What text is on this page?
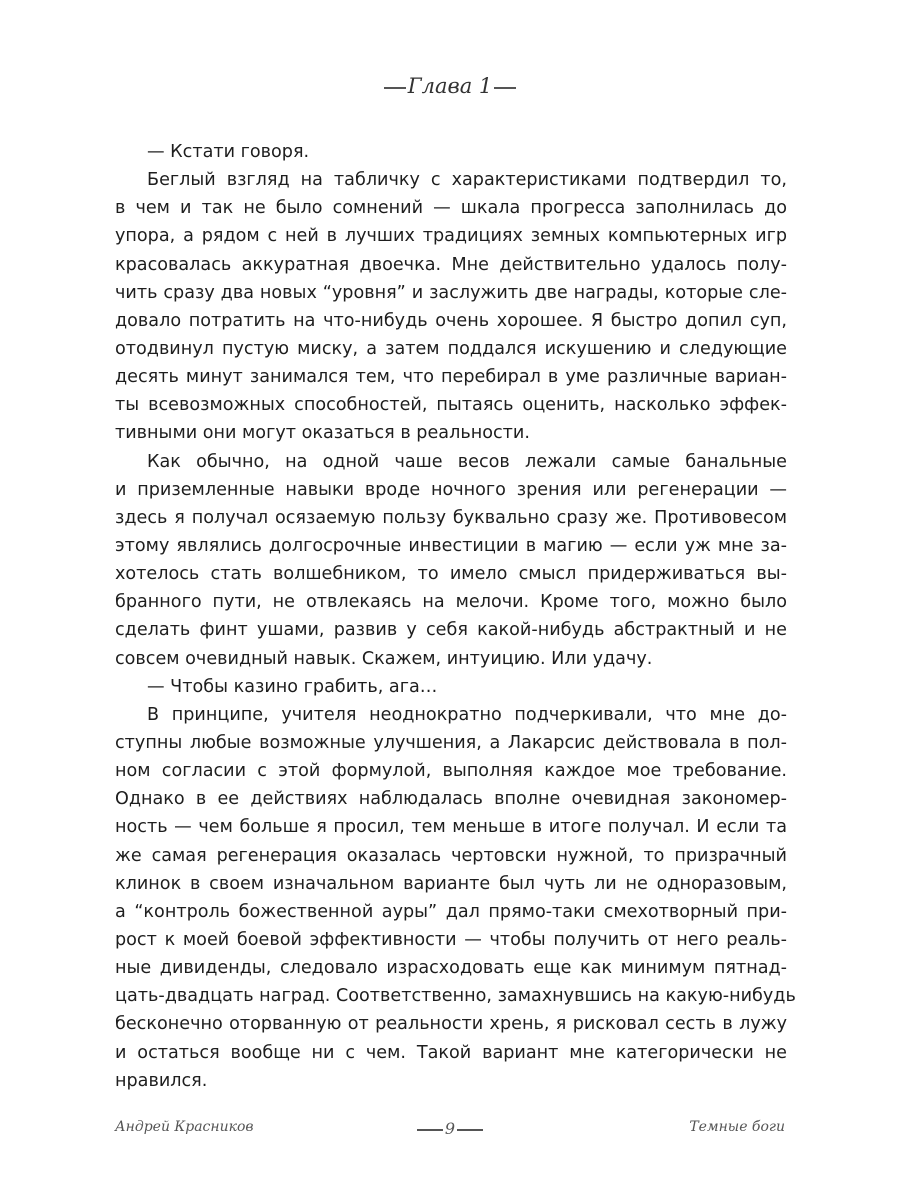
Глава 1
— Кстати говоря.
Беглый взгляд на табличку с характеристиками подтвердил то,
в чем и так не было сомнений — шкала прогресса заполнилась до
упора, а рядом с ней в лучших традициях земных компьютерных игр
красовалась аккуратная двоечка. Мне действительно удалось полу-
чить сразу два новых “уровня” и заслужить две награды, которые сле-
довало потратить на что-нибудь очень хорошее. Я быстро допил суп,
отодвинул пустую миску, а затем поддался искушению и следующие
десять минут занимался тем, что перебирал в уме различные вариан-
ты всевозможных способностей, пытаясь оценить, насколько эффек-
тивными они могут оказаться в реальности.
Как обычно, на одной чаше весов лежали самые банальные
и приземленные навыки вроде ночного зрения или регенерации —
здесь я получал осязаемую пользу буквально сразу же. Противовесом
этому являлись долгосрочные инвестиции в магию — если уж мне за-
хотелось стать волшебником, то имело смысл придерживаться вы-
бранного пути, не отвлекаясь на мелочи. Кроме того, можно было
сделать финт ушами, развив у себя какой-нибудь абстрактный и не
совсем очевидный навык. Скажем, интуицию. Или удачу.
— Чтобы казино грабить, ага…
В принципе, учителя неоднократно подчеркивали, что мне до-
ступны любые возможные улучшения, а Лакарсис действовала в пол-
ном согласии с этой формулой, выполняя каждое мое требование.
Однако в ее действиях наблюдалась вполне очевидная закономер-
ность — чем больше я просил, тем меньше в итоге получал. И если та
же самая регенерация оказалась чертовски нужной, то призрачный
клинок в своем изначальном варианте был чуть ли не одноразовым,
а “контроль божественной ауры” дал прямо-таки смехотворный при-
рост к моей боевой эффективности — чтобы получить от него реаль-
ные дивиденды, следовало израсходовать еще как минимум пятнад-
цать-двадцать наград. Соответственно, замахнувшись на какую-нибудь
бесконечно оторванную от реальности хрень, я рисковал сесть в лужу
и остаться вообще ни с чем. Такой вариант мне категорически не
нравился.
Андрей Красников	9	Темные боги
